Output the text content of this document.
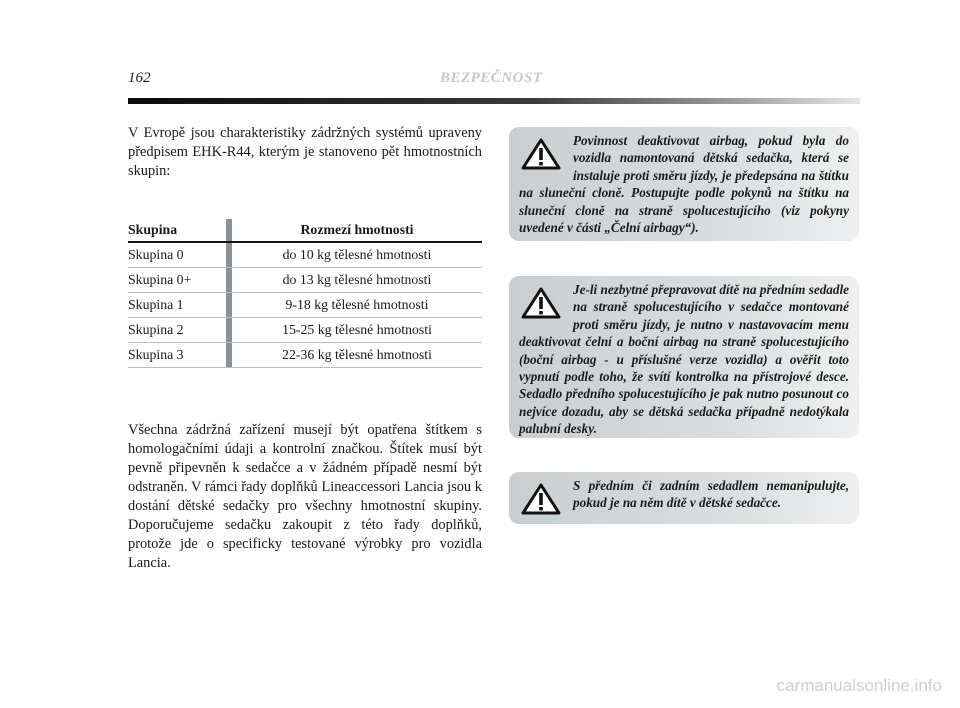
162	BEZPEČNOST

V Evropě jsou charakteristiky zádržných systémů upraveny předpisem EHK-R44, kterým je stanoveno pět hmotnostních skupin:

Skupina		Rozmezí hmotnosti
Skupina 0		do 10 kg tělesné hmotnosti
Skupina 0+		do 13 kg tělesné hmotnosti
Skupina 1		9-18 kg tělesné hmotnosti
Skupina 2		15-25 kg tělesné hmotnosti
Skupina 3		22-36 kg tělesné hmotnosti

Všechna zádržná zařízení musejí být opatřena štítkem s homologačními údaji a kontrolní značkou. Štítek musí být pevně připevněn k sedačce a v žádném případě nesmí být odstraněn. V rámci řady doplňků Lineaccessori Lancia jsou k dostání dětské sedačky pro všechny hmotnostní skupiny. Doporučujeme sedačku zakoupit z této řady doplňků, protože jde o specificky testované výrobky pro vozidla Lancia.

Povinnost deaktivovat airbag, pokud byla do vozidla namontovaná dětská sedačka, která se instaluje proti směru jízdy, je předepsána na štítku na sluneční cloně. Postupujte podle pokynů na štítku na sluneční cloně na straně spolucestujícího (viz pokyny uvedené v části „Čelní airbagy“).

Je-li nezbytné přepravovat dítě na předním sedadle na straně spolucestujícího v sedačce montované proti směru jízdy, je nutno v nastavovacím menu deaktivovat čelní a boční airbag na straně spolucestujícího (boční airbag - u příslušné verze vozidla) a ověřit toto vypnutí podle toho, že svítí kontrolka na přístrojové desce. Sedadlo předního spolucestujícího je pak nutno posunout co nejvíce dozadu, aby se dětská sedačka případně nedotýkala palubní desky.

S předním či zadním sedadlem nemanipulujte, pokud je na něm dítě v dětské sedačce.

carmanualsonline.info
